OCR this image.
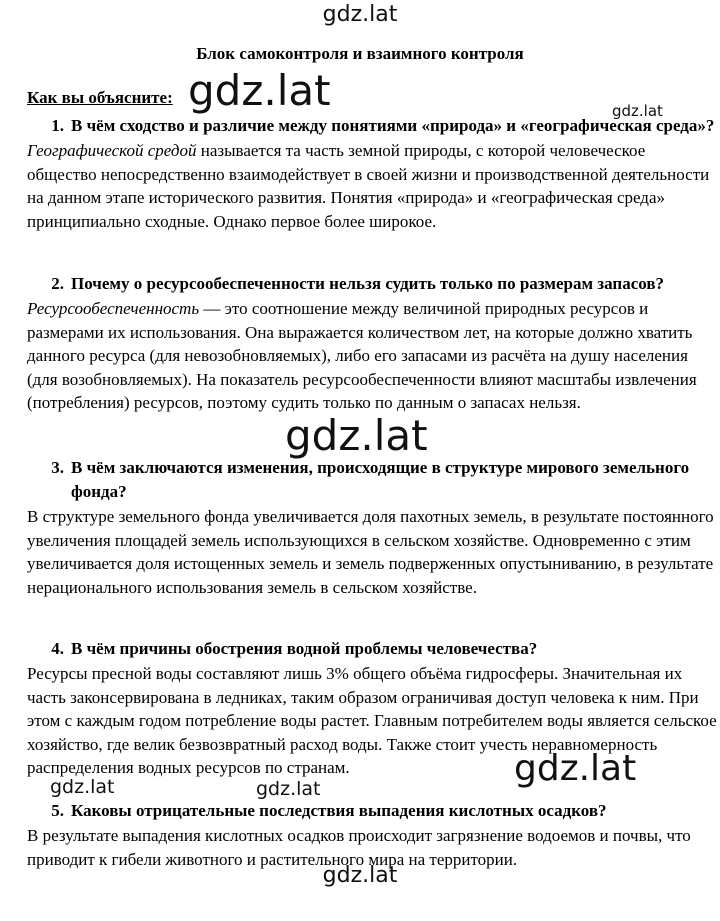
Блок самоконтроля и взаимного контроля
Как вы объясните:
1. В чём сходство и различие между понятиями «природа» и «географическая среда»?
Географической средой называется та часть земной природы, с которой человеческое общество непосредственно взаимодействует в своей жизни и производственной деятельности на данном этапе исторического развития. Понятия «природа» и «географическая среда» принципиально сходные. Однако первое более широкое.
2. Почему о ресурсообеспеченности нельзя судить только по размерам запасов?
Ресурсообеспеченность — это соотношение между величиной природных ресурсов и размерами их использования. Она выражается количеством лет, на которые должно хватить данного ресурса (для невозобновляемых), либо его запасами из расчёта на душу населения (для возобновляемых). На показатель ресурсообеспеченности влияют масштабы извлечения (потребления) ресурсов, поэтому судить только по данным о запасах нельзя.
3. В чём заключаются изменения, происходящие в структуре мирового земельного фонда?
В структуре земельного фонда увеличивается доля пахотных земель, в результате постоянного увеличения площадей земель использующихся в сельском хозяйстве. Одновременно с этим увеличивается доля истощенных земель и земель подверженных опустыниванию, в результате нерационального использования земель в сельском хозяйстве.
4. В чём причины обострения водной проблемы человечества?
Ресурсы пресной воды составляют лишь 3% общего объёма гидросферы. Значительная их часть законсервирована в ледниках, таким образом ограничивая доступ человека к ним. При этом с каждым годом потребление воды растет. Главным потребителем воды является сельское хозяйство, где велик безвозвратный расход воды. Также стоит учесть неравномерность распределения водных ресурсов по странам.
5. Каковы отрицательные последствия выпадения кислотных осадков?
В результате выпадения кислотных осадков происходит загрязнение водоемов и почвы, что приводит к гибели животного и растительного мира на территории.
gdz.lat
gdz.lat	gdz.lat
gdz.lat
gdz.lat
gdz.lat	gdz.lat
gdz.lat
